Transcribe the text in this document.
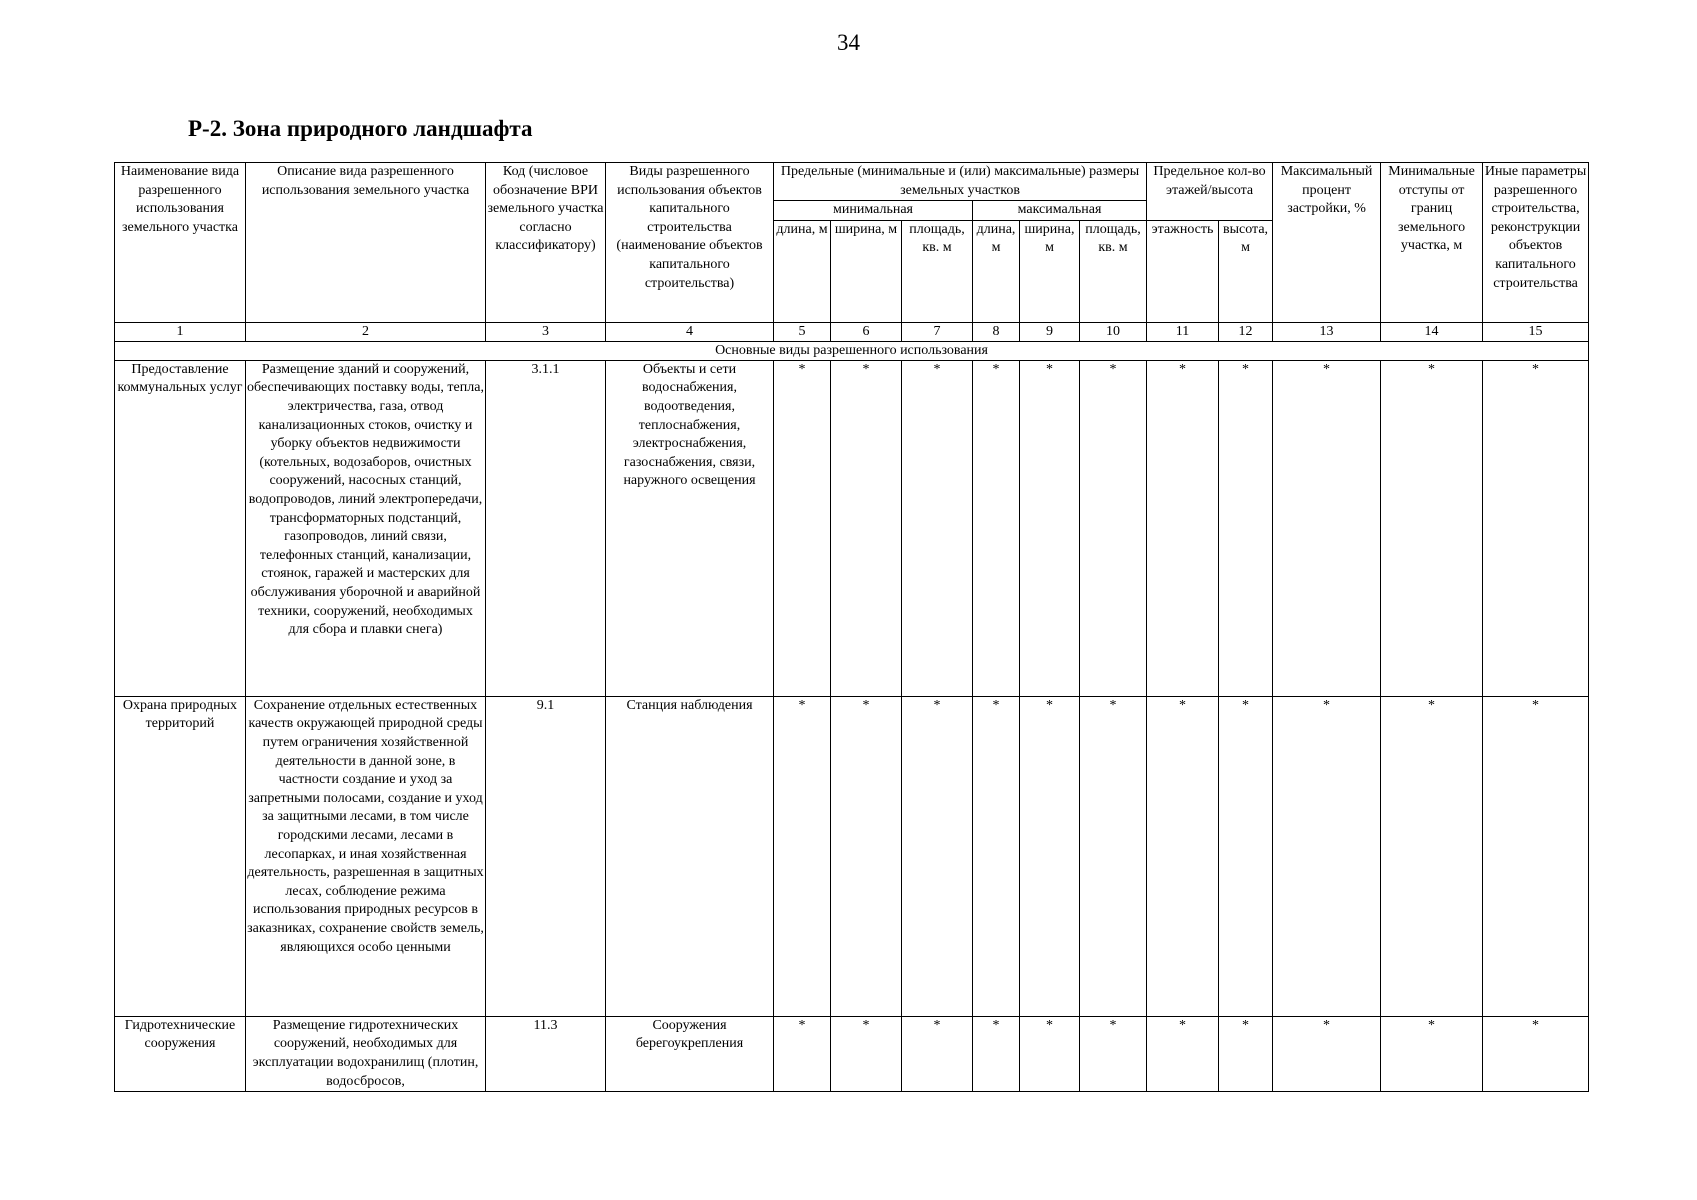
34
Р-2. Зона природного ландшафта
Наименование вида разрешенного использования земельного участка	Описание вида разрешенного использования земельного участка	Код (числовое обозначение ВРИ земельного участка согласно классификатору)	Виды разрешенного использования объектов капитального строительства (наименование объектов капитального строительства)	Предельные (минимальные и (или) максимальные) размеры земельных участков						Предельное кол-во этажей/высота		Максимальный процент застройки, %	Минимальные отступы от границ земельного участка, м	Иные параметры разрешенного строительства, реконструкции объектов капитального строительства
				минимальная			максимальная							
				длина, м	ширина, м	площадь, кв. м	длина, м	ширина, м	площадь, кв. м	этажность	высота, м			
1	2	3	4	5	6	7	8	9	10	11	12	13	14	15
Основные виды разрешенного использования														
Предоставление коммунальных услуг	Размещение зданий и сооружений, обеспечивающих поставку воды, тепла, электричества, газа, отвод канализационных стоков, очистку и уборку объектов недвижимости (котельных, водозаборов, очистных сооружений, насосных станций, водопроводов, линий электропередачи, трансформаторных подстанций, газопроводов, линий связи, телефонных станций, канализации, стоянок, гаражей и мастерских для обслуживания уборочной и аварийной техники, сооружений, необходимых для сбора и плавки снега)	3.1.1	Объекты и сети водоснабжения, водоотведения, теплоснабжения, электроснабжения, газоснабжения, связи, наружного освещения	*	*	*	*	*	*	*	*	*	*	*
Охрана природных территорий	Сохранение отдельных естественных качеств окружающей природной среды путем ограничения хозяйственной деятельности в данной зоне, в частности создание и уход за запретными полосами, создание и уход за защитными лесами, в том числе городскими лесами, лесами в лесопарках, и иная хозяйственная деятельность, разрешенная в защитных лесах, соблюдение режима использования природных ресурсов в заказниках, сохранение свойств земель, являющихся особо ценными	9.1	Станция наблюдения	*	*	*	*	*	*	*	*	*	*	*

Гидротехнические сооружения	Размещение гидротехнических сооружений, необходимых для эксплуатации водохранилищ (плотин, водосбросов,	11.3	Сооружения берегоукрепления	*	*	*	*	*	*	*	*	*	*	*
